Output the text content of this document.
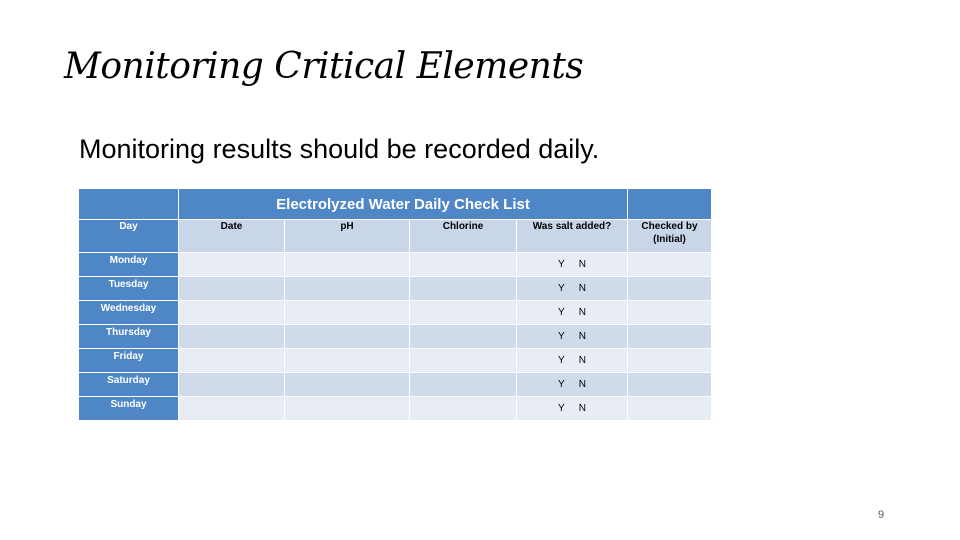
Monitoring Critical Elements

Monitoring results should be recorded daily.

	Electrolyzed Water Daily Check List				
Day	Date	pH	Chlorine	Was salt added?	Checked by
(Initial)
Monday				Y N	
Tuesday				Y N	
Wednesday				Y N	
Thursday				Y N	
Friday				Y N	
Saturday				Y N	
Sunday				Y N	
9
